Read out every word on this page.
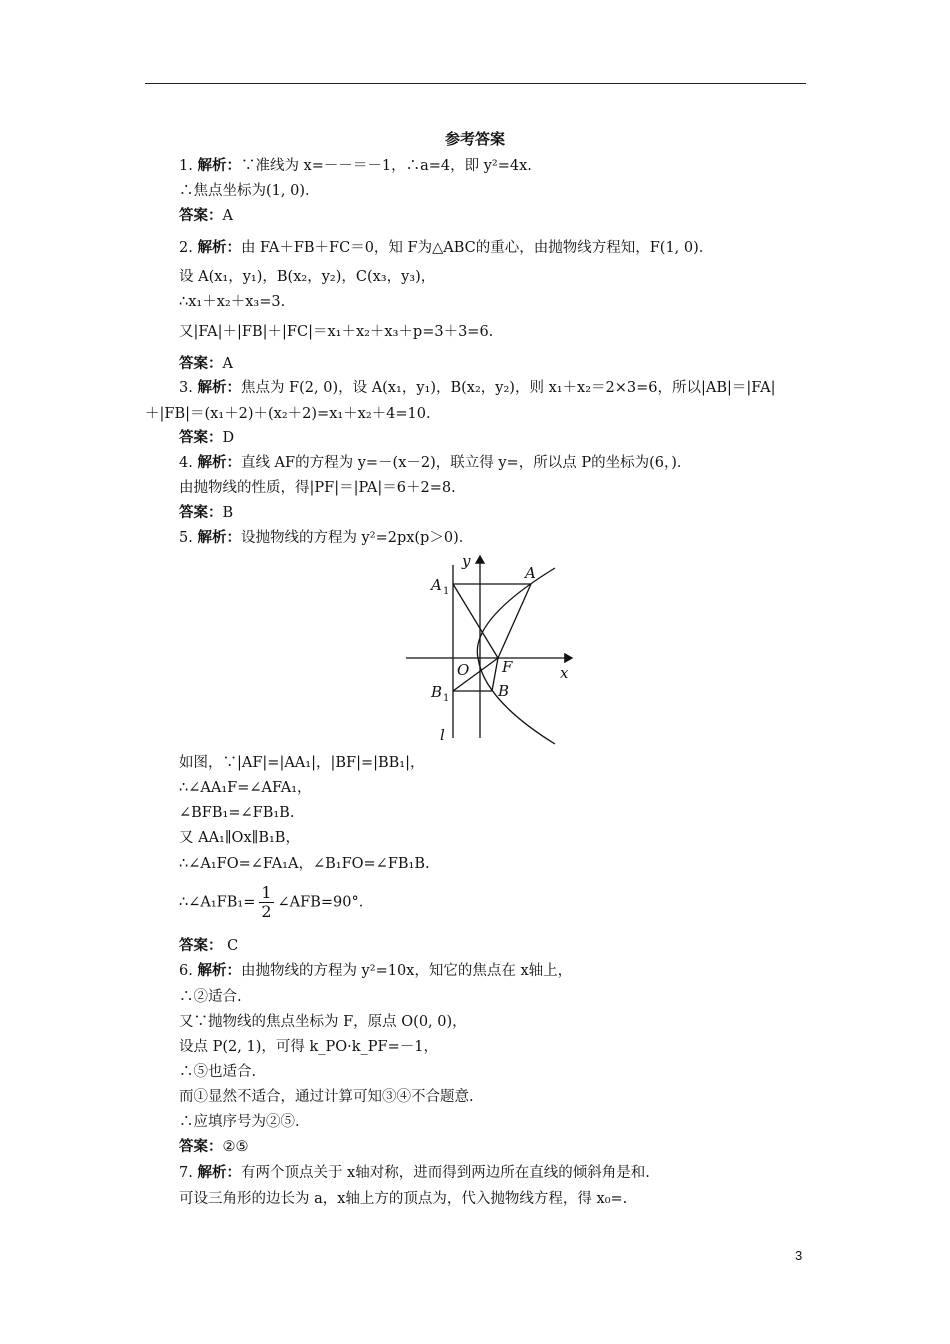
参考答案
1. 解析：∵准线为 x=－－＝－1，∴a=4，即 y²=4x.
∴焦点坐标为(1, 0)．
答案：A
2. 解析：由 FA＋FB＋FC＝0，知 F为△ABC的重心，由抛物线方程知，F(1, 0)．
设 A(x₁，y₁)，B(x₂，y₂)，C(x₃，y₃)，
∴x₁＋x₂＋x₃=3.
又|FA|＋|FB|＋|FC|＝x₁＋x₂＋x₃＋p=3＋3=6.
答案：A
3. 解析：焦点为 F(2, 0)，设 A(x₁，y₁)，B(x₂，y₂)，则 x₁＋x₂＝2×3=6，所以|AB|＝|FA|
＋|FB|＝(x₁＋2)＋(x₂＋2)=x₁＋x₂＋4=10.
答案：D
4. 解析：直线 AF的方程为 y=－(x－2)，联立得 y=，所以点 P的坐标为(6，)．
由抛物线的性质，得|PF|＝|PA|＝6＋2=8.
答案：B
5. 解析：设抛物线的方程为 y²=2px(p＞0)．
y
x
A 1
A
O F
B 1	B
l
如图，∵|AF|=|AA₁|，|BF|=|BB₁|，
∴∠AA₁F=∠AFA₁，
∠BFB₁=∠FB₁B.
又 AA₁∥Ox∥B₁B，
∴∠A₁FO=∠FA₁A，∠B₁FO=∠FB₁B.
∴∠A₁FB₁= $\frac{1}{2}$ ∠AFB=90°．
答案： C
6. 解析：由抛物线的方程为 y²=10x，知它的焦点在 x轴上，
∴②适合.
又∵抛物线的焦点坐标为 F，原点 O(0, 0)，
设点 P(2, 1)，可得 k_PO·k_PF=－1，
∴⑤也适合.
而①显然不适合，通过计算可知③④不合题意.
∴应填序号为②⑤.
答案：②⑤
7. 解析：有两个顶点关于 x轴对称，进而得到两边所在直线的倾斜角是和.
可设三角形的边长为 a，x轴上方的顶点为，代入抛物线方程，得 x₀=.
3
